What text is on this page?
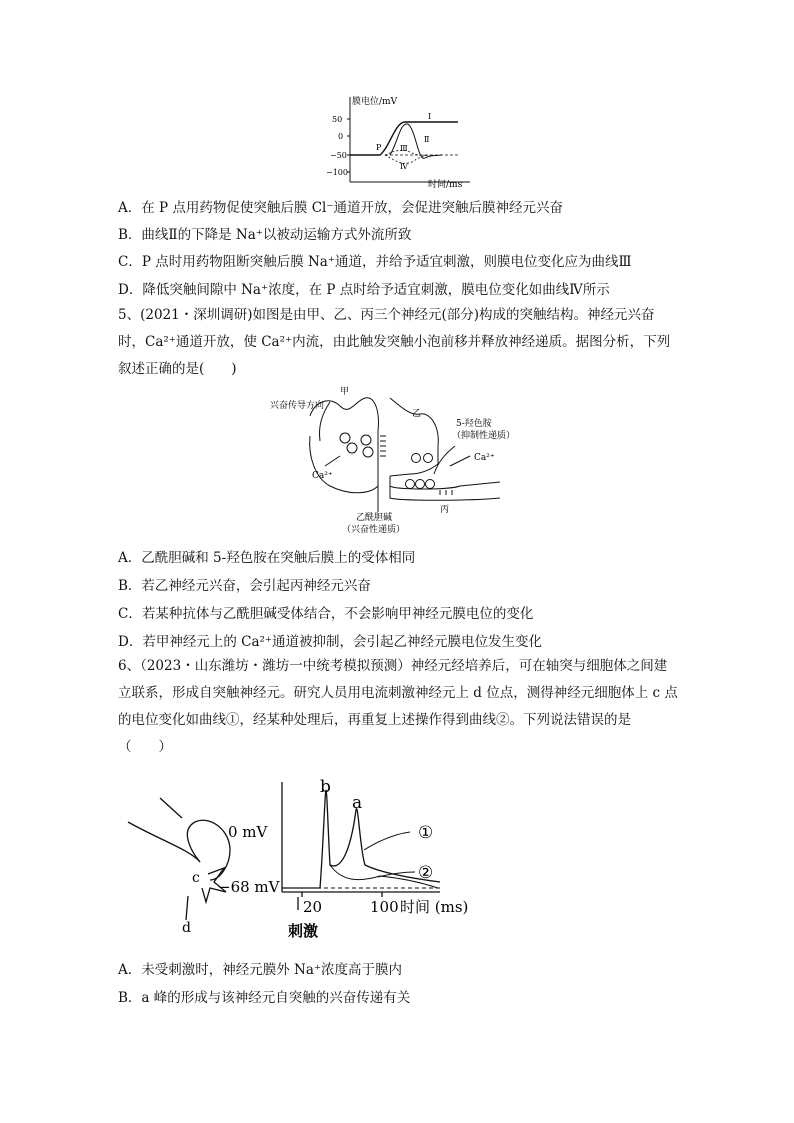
膜电位/mV
50
0
−50
−100
Ⅰ
Ⅱ
Ⅲ
Ⅳ
P
时间/ms
A．在 P 点用药物促使突触后膜 Cl⁻通道开放，会促进突触后膜神经元兴奋
B．曲线Ⅱ的下降是 Na⁺以被动运输方式外流所致
C．P 点时用药物阻断突触后膜 Na⁺通道，并给予适宜刺激，则膜电位变化应为曲线Ⅲ
D．降低突触间隙中 Na⁺浓度，在 P 点时给予适宜刺激，膜电位变化如曲线Ⅳ所示
5、(2021・深圳调研)如图是由甲、乙、丙三个神经元(部分)构成的突触结构。神经元兴奋时，Ca²⁺通道开放，使 Ca²⁺内流，由此触发突触小泡前移并释放神经递质。据图分析，下列叙述正确的是(　　)
兴奋传导方向
甲
乙
丙
5-羟色胺
（抑制性递质）
Ca²⁺
Ca²⁺
乙酰胆碱
（兴奋性递质）
A．乙酰胆碱和 5-羟色胺在突触后膜上的受体相同
B．若乙神经元兴奋，会引起丙神经元兴奋
C．若某种抗体与乙酰胆碱受体结合，不会影响甲神经元膜电位的变化
D．若甲神经元上的 Ca²⁺通道被抑制，会引起乙神经元膜电位发生变化
6、（2023・山东潍坊・潍坊一中统考模拟预测）神经元经培养后，可在轴突与细胞体之间建立联系，形成自突触神经元。研究人员用电流刺激神经元上 d 位点，测得神经元细胞体上 c 点的电位变化如曲线①，经某种处理后，再重复上述操作得到曲线②。下列说法错误的是（　　）
0 mV
−68 mV
b
a
①
②
20	100 时间 (ms)
刺激
c
d
A．未受刺激时，神经元膜外 Na⁺浓度高于膜内
B．a 峰的形成与该神经元自突触的兴奋传递有关
